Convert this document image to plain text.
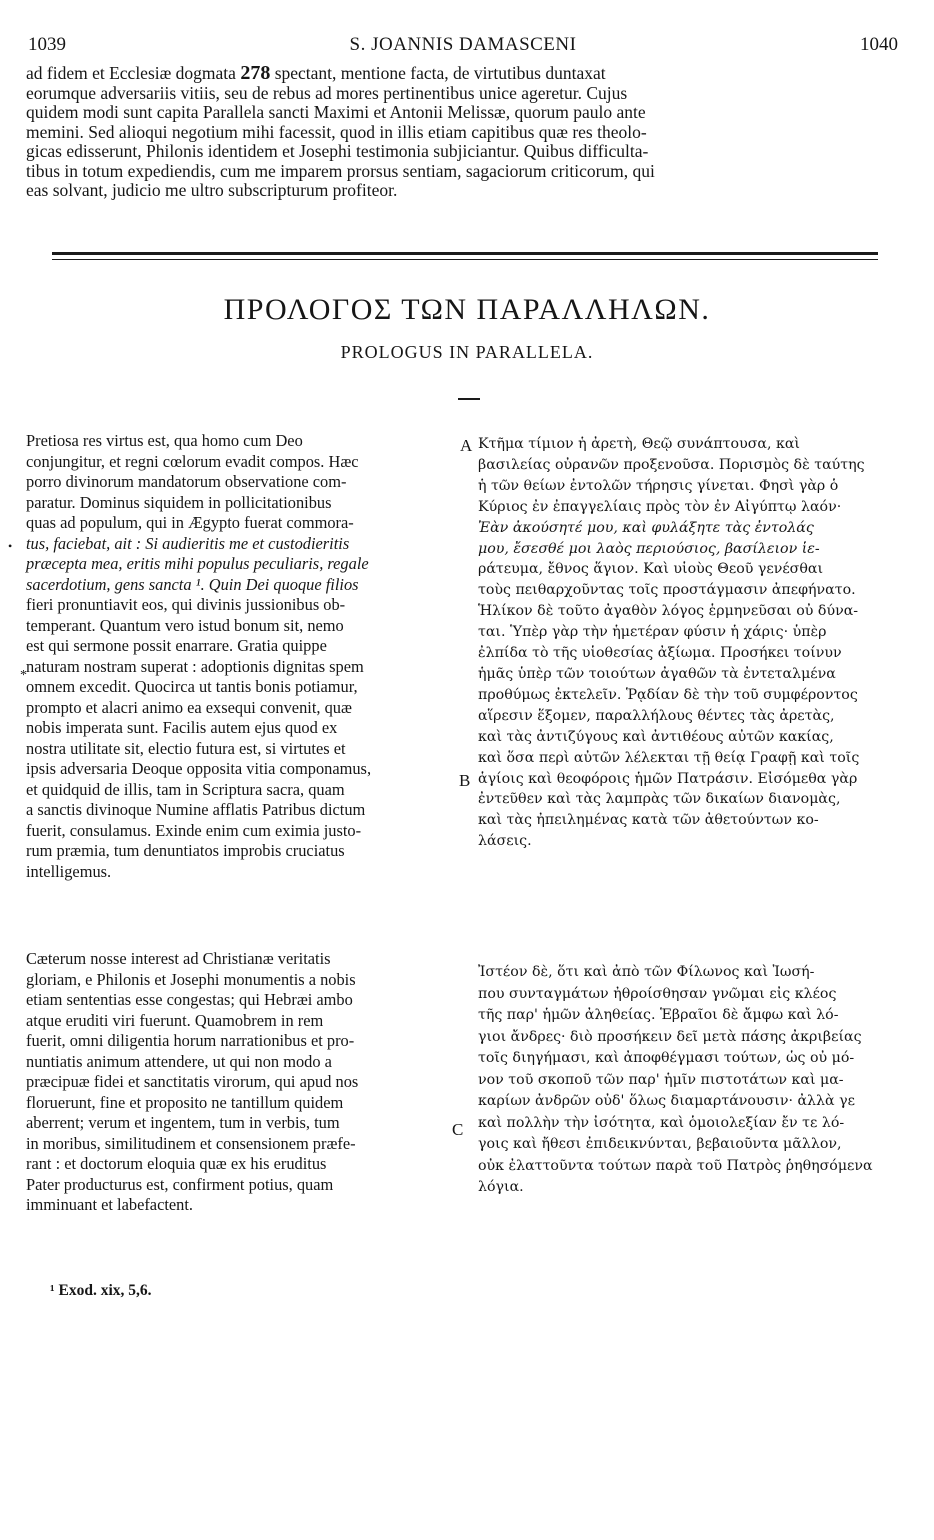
1039	S. JOANNIS DAMASCENI	1040

ad fidem et Ecclesiæ dogmata 278 spectant, mentione facta, de virtutibus duntaxat
eorumque adversariis vitiis, seu de rebus ad mores pertinentibus unice ageretur. Cujus
quidem modi sunt capita Parallela sancti Maximi et Antonii Melissæ, quorum paulo ante
memini. Sed alioqui negotium mihi facessit, quod in illis etiam capitibus quæ res theolo-
gicas edisserunt, Philonis identidem et Josephi testimonia subjiciantur. Quibus difficulta-
tibus in totum expediendis, cum me imparem prorsus sentiam, sagaciorum criticorum, qui
eas solvant, judicio me ultro subscripturum profiteor.

ΠΡΟΛΟΓΟΣ ΤΩΝ ΠΑΡΑΛΛΗΛΩΝ.
PROLOGUS IN PARALLELA.
A
B
C
•
*

Pretiosa res virtus est, qua homo cum Deo
conjungitur, et regni cœlorum evadit compos. Hæc
porro divinorum mandatorum observatione com-
paratur. Dominus siquidem in pollicitationibus
quas ad populum, qui in Ægypto fuerat commora-
tus, faciebat, ait : Si audieritis me et custodieritis
præcepta mea, eritis mihi populus peculiaris, regale
sacerdotium, gens sancta ¹. Quin Dei quoque filios
fieri pronuntiavit eos, qui divinis jussionibus ob-
temperant. Quantum vero istud bonum sit, nemo
est qui sermone possit enarrare. Gratia quippe
naturam nostram superat : adoptionis dignitas spem
omnem excedit. Quocirca ut tantis bonis potiamur,
prompto et alacri animo ea exsequi convenit, quæ
nobis imperata sunt. Facilis autem ejus quod ex
nostra utilitate sit, electio futura est, si virtutes et
ipsis adversaria Deoque opposita vitia componamus,
et quidquid de illis, tam in Scriptura sacra, quam
a sanctis divinoque Numine afflatis Patribus dictum
fuerit, consulamus. Exinde enim cum eximia justo-
rum præmia, tum denuntiatos improbis cruciatus
intelligemus.

Cæterum nosse interest ad Christianæ veritatis
gloriam, e Philonis et Josephi monumentis a nobis
etiam sententias esse congestas; qui Hebræi ambo
atque eruditi viri fuerunt. Quamobrem in rem
fuerit, omni diligentia horum narrationibus et pro-
nuntiatis animum attendere, ut qui non modo a
præcipuæ fidei et sanctitatis virorum, qui apud nos
floruerunt, fine et proposito ne tantillum quidem
aberrent; verum et ingentem, tum in verbis, tum
in moribus, similitudinem et consensionem præfe-
rant : et doctorum eloquia quæ ex his eruditus
Pater producturus est, confirment potius, quam
imminuant et labefactent.

Κτῆμα τίμιον ἡ ἀρετὴ, Θεῷ συνάπτουσα, καὶ
βασιλείας οὐρανῶν προξενοῦσα. Πορισμὸς δὲ ταύτης
ἡ τῶν θείων ἐντολῶν τήρησις γίνεται. Φησὶ γὰρ ὁ
Κύριος ἐν ἐπαγγελίαις πρὸς τὸν ἐν Αἰγύπτῳ λαόν·
Ἐὰν ἀκούσητέ μου, καὶ φυλάξητε τὰς ἐντολάς
μου, ἔσεσθέ μοι λαὸς περιούσιος, βασίλειον ἱε-
ράτευμα, ἔθνος ἅγιον. Καὶ υἱοὺς Θεοῦ γενέσθαι
τοὺς πειθαρχοῦντας τοῖς προστάγμασιν ἀπεφήνατο.
Ἡλίκον δὲ τοῦτο ἀγαθὸν λόγος ἑρμηνεῦσαι οὐ δύνα-
ται. Ὑπὲρ γὰρ τὴν ἡμετέραν φύσιν ἡ χάρις· ὑπὲρ
ἐλπίδα τὸ τῆς υἱοθεσίας ἀξίωμα. Προσήκει τοίνυν
ἡμᾶς ὑπὲρ τῶν τοιούτων ἀγαθῶν τὰ ἐντεταλμένα
προθύμως ἐκτελεῖν. Ῥᾳδίαν δὲ τὴν τοῦ συμφέροντος
αἵρεσιν ἕξομεν, παραλλήλους θέντες τὰς ἀρετὰς,
καὶ τὰς ἀντιζύγους καὶ ἀντιθέους αὐτῶν κακίας,
καὶ ὅσα περὶ αὐτῶν λέλεκται τῇ θείᾳ Γραφῇ καὶ τοῖς
ἁγίοις καὶ θεοφόροις ἡμῶν Πατράσιν. Εἰσόμεθα γὰρ
ἐντεῦθεν καὶ τὰς λαμπρὰς τῶν δικαίων διανομὰς,
καὶ τὰς ἠπειλημένας κατὰ τῶν ἀθετούντων κο-
λάσεις.

Ἰστέον δὲ, ὅτι καὶ ἀπὸ τῶν Φίλωνος καὶ Ἰωσή-
που συνταγμάτων ἠθροίσθησαν γνῶμαι εἰς κλέος
τῆς παρ' ἡμῶν ἀληθείας. Ἑβραῖοι δὲ ἄμφω καὶ λό-
γιοι ἄνδρες· διὸ προσήκειν δεῖ μετὰ πάσης ἀκριβείας
τοῖς διηγήμασι, καὶ ἀποφθέγμασι τούτων, ὡς οὐ μό-
νον τοῦ σκοποῦ τῶν παρ' ἡμῖν πιστοτάτων καὶ μα-
καρίων ἀνδρῶν οὐδ' ὅλως διαμαρτάνουσιν· ἀλλὰ γε
καὶ πολλὴν τὴν ἰσότητα, καὶ ὁμοιολεξίαν ἔν τε λό-
γοις καὶ ἤθεσι ἐπιδεικνύνται, βεβαιοῦντα μᾶλλον,
οὐκ ἐλαττοῦντα τούτων παρὰ τοῦ Πατρὸς ῥηθησόμενα
λόγια.

¹ Exod. xix, 5,6.
